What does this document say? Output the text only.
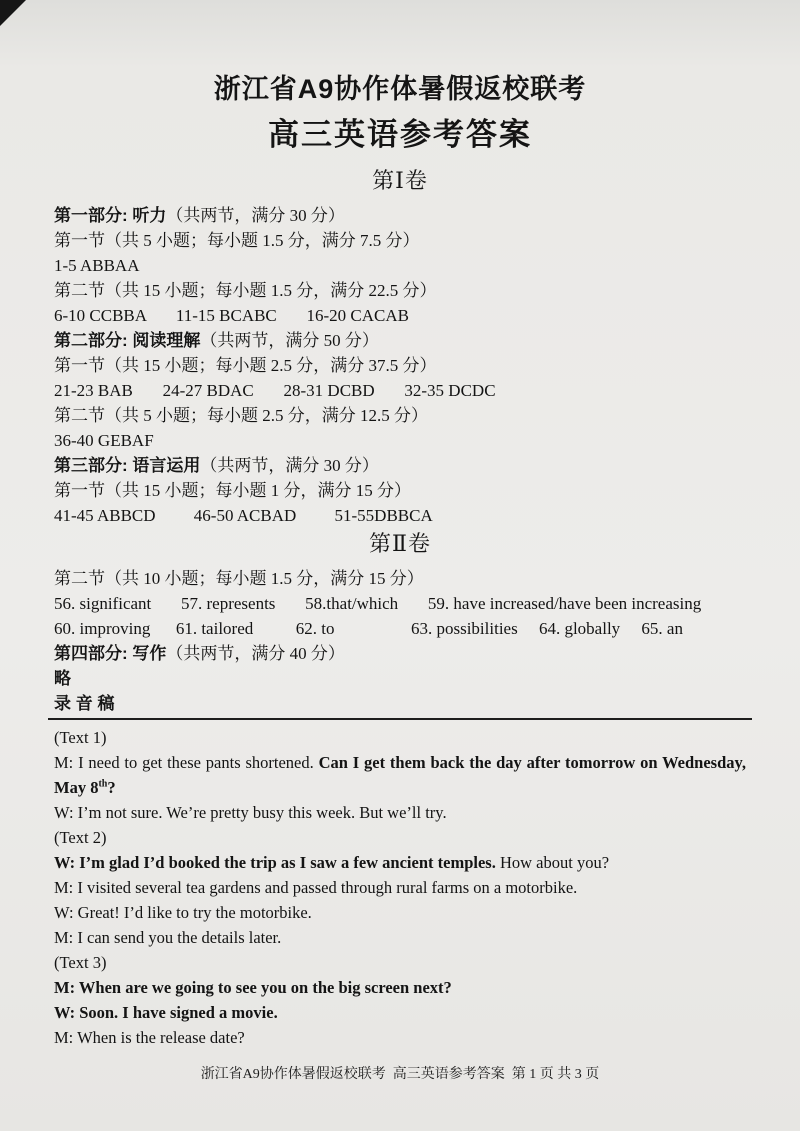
浙江省A9协作体暑假返校联考
高三英语参考答案
第Ⅰ卷

第一部分: 听力（共两节，满分 30 分）

第一节（共 5 小题；每小题 1.5 分，满分 7.5 分）

1-5 ABBAA

第二节（共 15 小题；每小题 1.5 分，满分 22.5 分）

6-10 CCBBA       11-15 BCABC       16-20 CACAB

第二部分: 阅读理解（共两节，满分 50 分）

第一节（共 15 小题；每小题 2.5 分，满分 37.5 分）

21-23 BAB       24-27 BDAC       28-31 DCBD       32-35 DCDC

第二节（共 5 小题；每小题 2.5 分，满分 12.5 分）

36-40 GEBAF

第三部分: 语言运用（共两节，满分 30 分）

第一节（共 15 小题；每小题 1 分，满分 15 分）

41-45 ABBCD         46-50 ACBAD         51-55DBBCA

第Ⅱ卷

第二节（共 10 小题；每小题 1.5 分，满分 15 分）

56. significant       57. represents       58.that/which       59. have increased/have been increasing

60. improving      61. tailored          62. to                  63. possibilities     64. globally     65. an

第四部分: 写作（共两节，满分 40 分）

略

录 音 稿

(Text 1)

M: I need to get these pants shortened. Can I get them back the day after tomorrow on Wednesday, May 8th?

W: I’m not sure. We’re pretty busy this week. But we’ll try.

(Text 2)

W: I’m glad I’d booked the trip as I saw a few ancient temples. How about you?

M: I visited several tea gardens and passed through rural farms on a motorbike.

W: Great! I’d like to try the motorbike.

M: I can send you the details later.

(Text 3)

M: When are we going to see you on the big screen next?

W: Soon. I have signed a movie.

M: When is the release date?

浙江省A9协作体暑假返校联考  高三英语参考答案  第 1 页 共 3 页
